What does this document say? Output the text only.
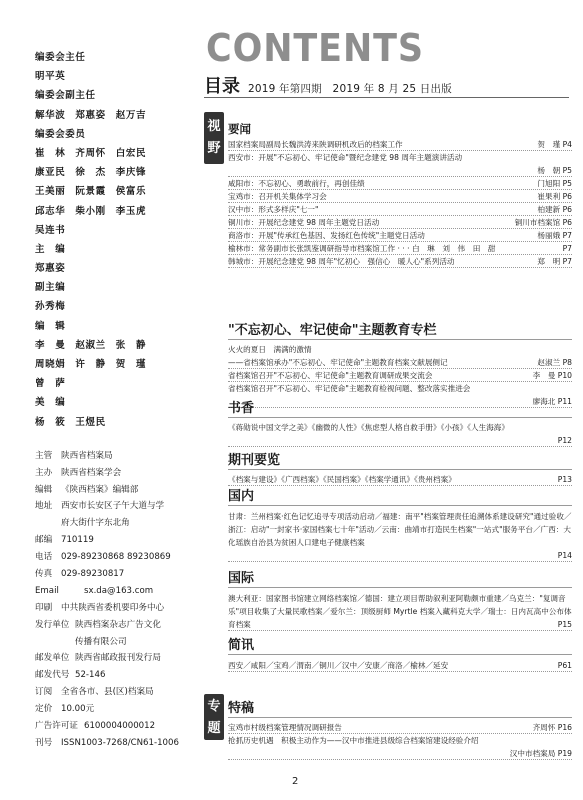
编委会主任
明平英
编委会副主任
解华波　郑惠姿　赵万吉
编委会委员
崔　林　齐周怀　白宏民
康亚民　徐　杰　李庆锋
王美丽　阮景霞　侯富乐
邱志华　柴小刚　李玉虎
吴连书
主　编
郑惠姿
副主编
孙秀梅
编　辑
李　曼　赵淑兰　张　静
周晓娟　许　静　贺　瑾
曾　萨
美　编
杨　筱　王煜民
主管	陕西省档案局
主办	陕西省档案学会
编辑	《陕西档案》编辑部
地址	西安市长安区子午大道与学
府大街什字东北角
邮编	710119
电话	029-89230868 89230869
传真	029-89230817
Email	sx.da@163.com
印刷	中共陕西省委机要印务中心
发行单位 陕西档案杂志广告文化
传播有限公司
邮发单位 陕西省邮政报刊发行局
邮发代号 52-146
订阅	全省各市、县(区)档案局
定价	10.00元
广告许可证 6100004000012
刊号	ISSN1003-7268/CN61-1006
CONTENTS
目录 2019 年第四期　2019 年 8 月 25 日出版
视野
专题
要闻
国家档案局副局长魏洪涛来陕调研机改后的档案工作	贺　瑾 P4
西安市：开展"不忘初心、牢记使命"暨纪念建党 98 周年主题演讲活动
杨　朝 P5
咸阳市：不忘初心、勇敢前行，再创佳绩	门旭阳 P5
宝鸡市：召开机关集体学习会	崔果利 P6
汉中市：形式多样庆"七一"	柏建新 P6
铜川市：开展纪念建党 98 周年主题党日活动	铜川市档案馆 P6
商洛市：开展"传承红色基因、发扬红色传统"主题党日活动	杨丽娥 P7
榆林市：常务副市长张凯鉴调研指导市档案馆工作 · · · 白　琳　刘　伟　田　甜	P7
韩城市：开展纪念建党 98 周年"忆初心　强信心　暖人心"系列活动	郑　明 P7
"不忘初心、牢记使命"主题教育专栏
火火的夏日　满满的激情
——省档案馆承办"不忘初心、牢记使命"主题教育档案文献展侧记	赵淑兰 P8
省档案馆召开"不忘初心、牢记使命"主题教育调研成果交流会	李　曼 P10
省档案馆召开"不忘初心、牢记使命"主题教育检视问题、整改落实推进会
廖海北 P11
书香
《蒋勋说中国文学之美》《幽微的人性》《焦虑型人格自救手册》《小孩》《人生海海》
P12
期刊要览
《档案与建设》《广西档案》《民国档案》《档案学通讯》《贵州档案》	P13
国内
甘肃：兰州档案·红色记忆追寻专项活动启动／福建：南平"档案管理责任追溯体系建设研究"通过验收／浙江：启动"一封家书·家国档案七十年"活动／云南：曲靖市打造民生档案"一站式"服务平台／广西：大化瑶族自治县为贫困人口建电子健康档案
P14
国际
澳大利亚：国家图书馆建立网络档案馆／德国：建立项目帮助叙利亚阿勒颇市重建／乌克兰："复调音乐"项目收集了大量民歌档案／爱尔兰：顶级厨师 Myrtle 档案入藏科克大学／瑞士：日内瓦高中公布体育档案	P15
简讯
西安／咸阳／宝鸡／渭南／铜川／汉中／安康／商洛／榆林／延安	P61
特稿
宝鸡市村级档案管理情况调研报告	齐周怀 P16
抢抓历史机遇　积极主动作为——汉中市推进县级综合档案馆建设经验介绍
汉中市档案局 P19
2
